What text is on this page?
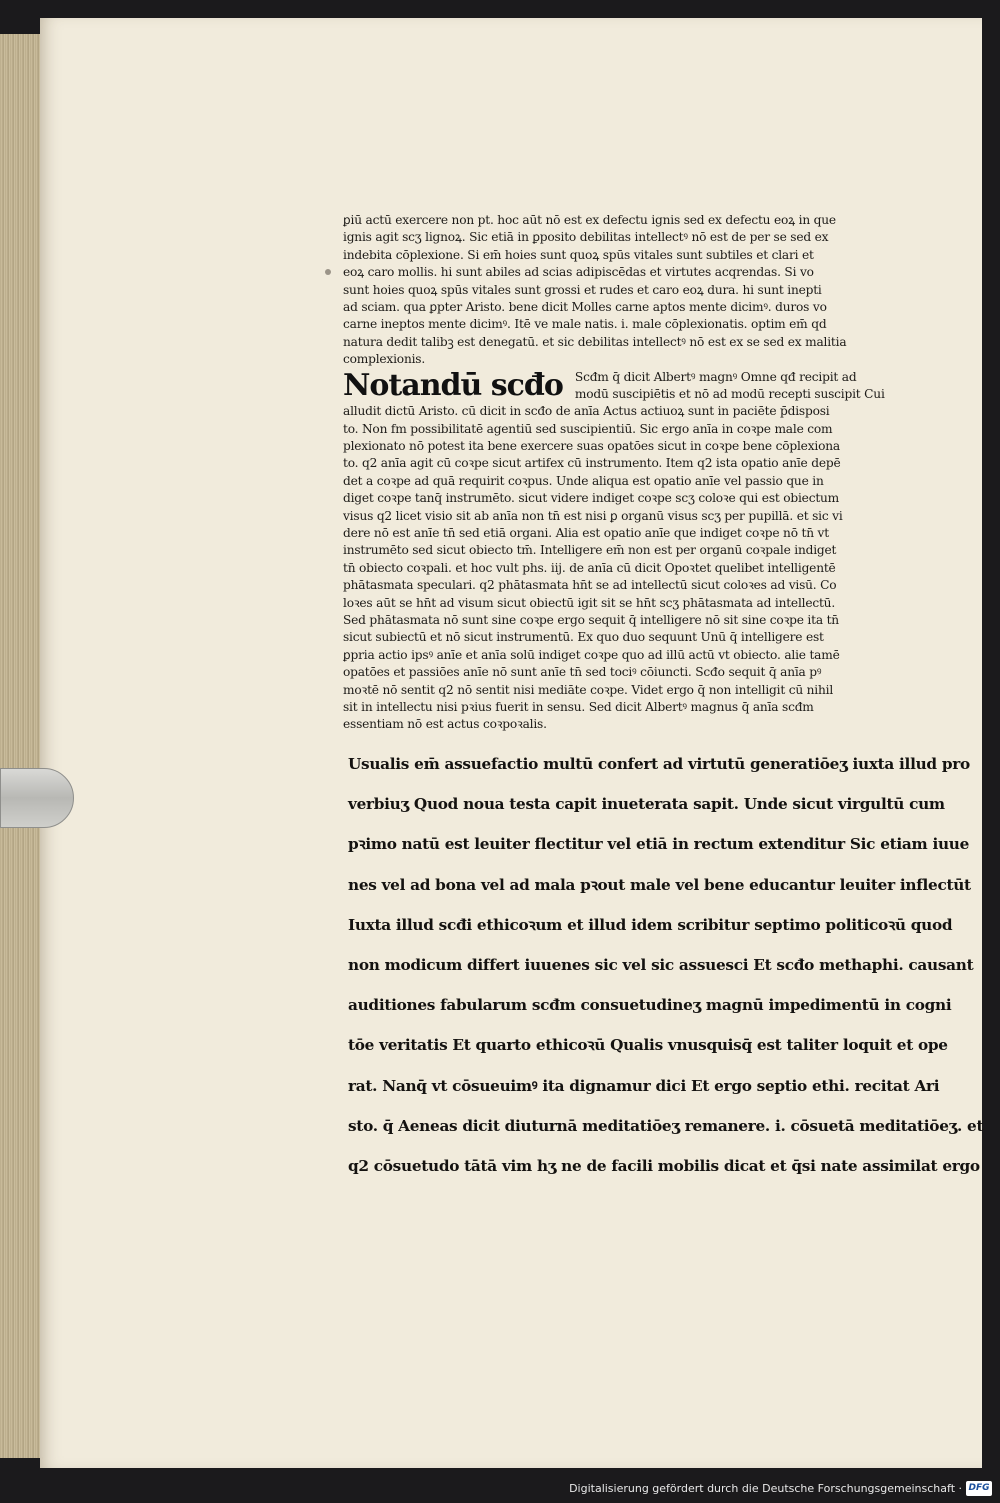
ꝑiū actū exercere non pt. hoc aūt nō est ex defectu ignis sed ex defectu eoꝝ in que
ignis agit scʒ lignoꝝ. Sic etiā in ꝑposito debilitas intellectꝰ nō est de per se sed ex
indebita cōplexione. Si em̄ hoies sunt quoꝝ spūs vitales sunt subtiles et clari et
eoꝝ caro mollis. hi sunt abiles ad scias adipiscēdas et virtutes acqrendas. Si vo
sunt hoies quoꝝ spūs vitales sunt grossi et rudes et caro eoꝝ dura. hi sunt inepti
ad sciam. qua ꝑpter Aristo. bene dicit Molles carne aptos mente dicimꝰ. duros vo
carne ineptos mente dicimꝰ. Itē ve male natis. i. male cōplexionatis. optim em̄ qd
natura dedit talibꝫ est denegatū. et sic debilitas intellectꝰ nō est ex se sed ex malitia
complexionis.
Notandū scđo Scđm q̄ dicit Albertꝰ magnꝰ Omne qđ recipit ad
modū suscipiētis et nō ad modū recepti suscipit Cui
alludit dictū Aristo. cū dicit in scđo de anīa Actus actiuoꝝ sunt in paciēte p̄disposi
to. Non fm possibilitatē agentiū sed suscipientiū. Sic ergo anīa in coꝛpe male com
plexionato nō potest ita bene exercere suas opatōes sicut in coꝛpe bene cōplexiona
to. q2 anīa agit cū coꝛpe sicut artifex cū instrumento. Item q2 ista opatio anīe depē
det a coꝛpe ad quā requirit coꝛpus. Unde aliqua est opatio anīe vel passio que in
diget coꝛpe tanq̄ instrumēto. sicut videre indiget coꝛpe scʒ coloꝛe qui est obiectum
visus q2 licet visio sit ab anīa non tn̄ est nisi ꝑ organū visus scʒ per pupillā. et sic vi
dere nō est anīe tn̄ sed etiā organi. Alia est opatio anīe que indiget coꝛpe nō tn̄ vt
instrumēto sed sicut obiecto tm̄. Intelligere em̄ non est per organū coꝛpale indiget
tn̄ obiecto coꝛpali. et hoc vult phs. iij. de anīa cū dicit Opoꝛtet quelibet intelligentē
phātasmata speculari. q2 phātasmata hn̄t se ad intellectū sicut coloꝛes ad visū. Co
loꝛes aūt se hn̄t ad visum sicut obiectū igit sit se hn̄t scʒ phātasmata ad intellectū.
Sed phātasmata nō sunt sine coꝛpe ergo sequit q̄ intelligere nō sit sine coꝛpe ita tn̄
sicut subiectū et nō sicut instrumentū. Ex quo duo sequunt Unū q̄ intelligere est
ꝑpria actio ipsꝰ anīe et anīa solū indiget coꝛpe quo ad illū actū vt obiecto. alie tamē
opatōes et passiōes anīe nō sunt anīe tn̄ sed tociꝰ cōiuncti. Scđo sequit q̄ anīa pꝰ
moꝛtē nō sentit q2 nō sentit nisi mediāte coꝛpe. Videt ergo q̄ non intelligit cū nihil
sit in intellectu nisi pꝛius fuerit in sensu. Sed dicit Albertꝰ magnus q̄ anīa scđm
essentiam nō est actus coꝛpoꝛalis.
Usualis em̄ assuefactio multū confert ad virtutū generatiōeʒ iuxta illud pro
verbiuʒ Quod noua testa capit inueterata sapit. Unde sicut virgultū cum
pꝛimo natū est leuiter flectitur vel etiā in rectum extenditur Sic etiam iuue
nes vel ad bona vel ad mala pꝛout male vel bene educantur leuiter inflectūt
Iuxta illud scđi ethicoꝛum et illud idem scribitur septimo politicoꝛū quod
non modicum differt iuuenes sic vel sic assuesci Et scđo methaphi. causant
auditiones fabularum scđm consuetudineʒ magnū impedimentū in cogni
tōe veritatis Et quarto ethicoꝛū Qualis vnusquisq̄ est taliter loquit et ope
rat. Nanq̄ vt cōsueuimꝰ ita dignamur dici Et ergo septio ethi. recitat Ari
sto. q̄ Aeneas dicit diuturnā meditatiōeʒ remanere. i. cōsuetā meditatiōeʒ. et
q2 cōsuetudo tātā vim hʒ ne de facili mobilis dicat et q̄si nate assimilat ergo
Digitalisierung gefördert durch die Deutsche Forschungsgemeinschaft · DFG
